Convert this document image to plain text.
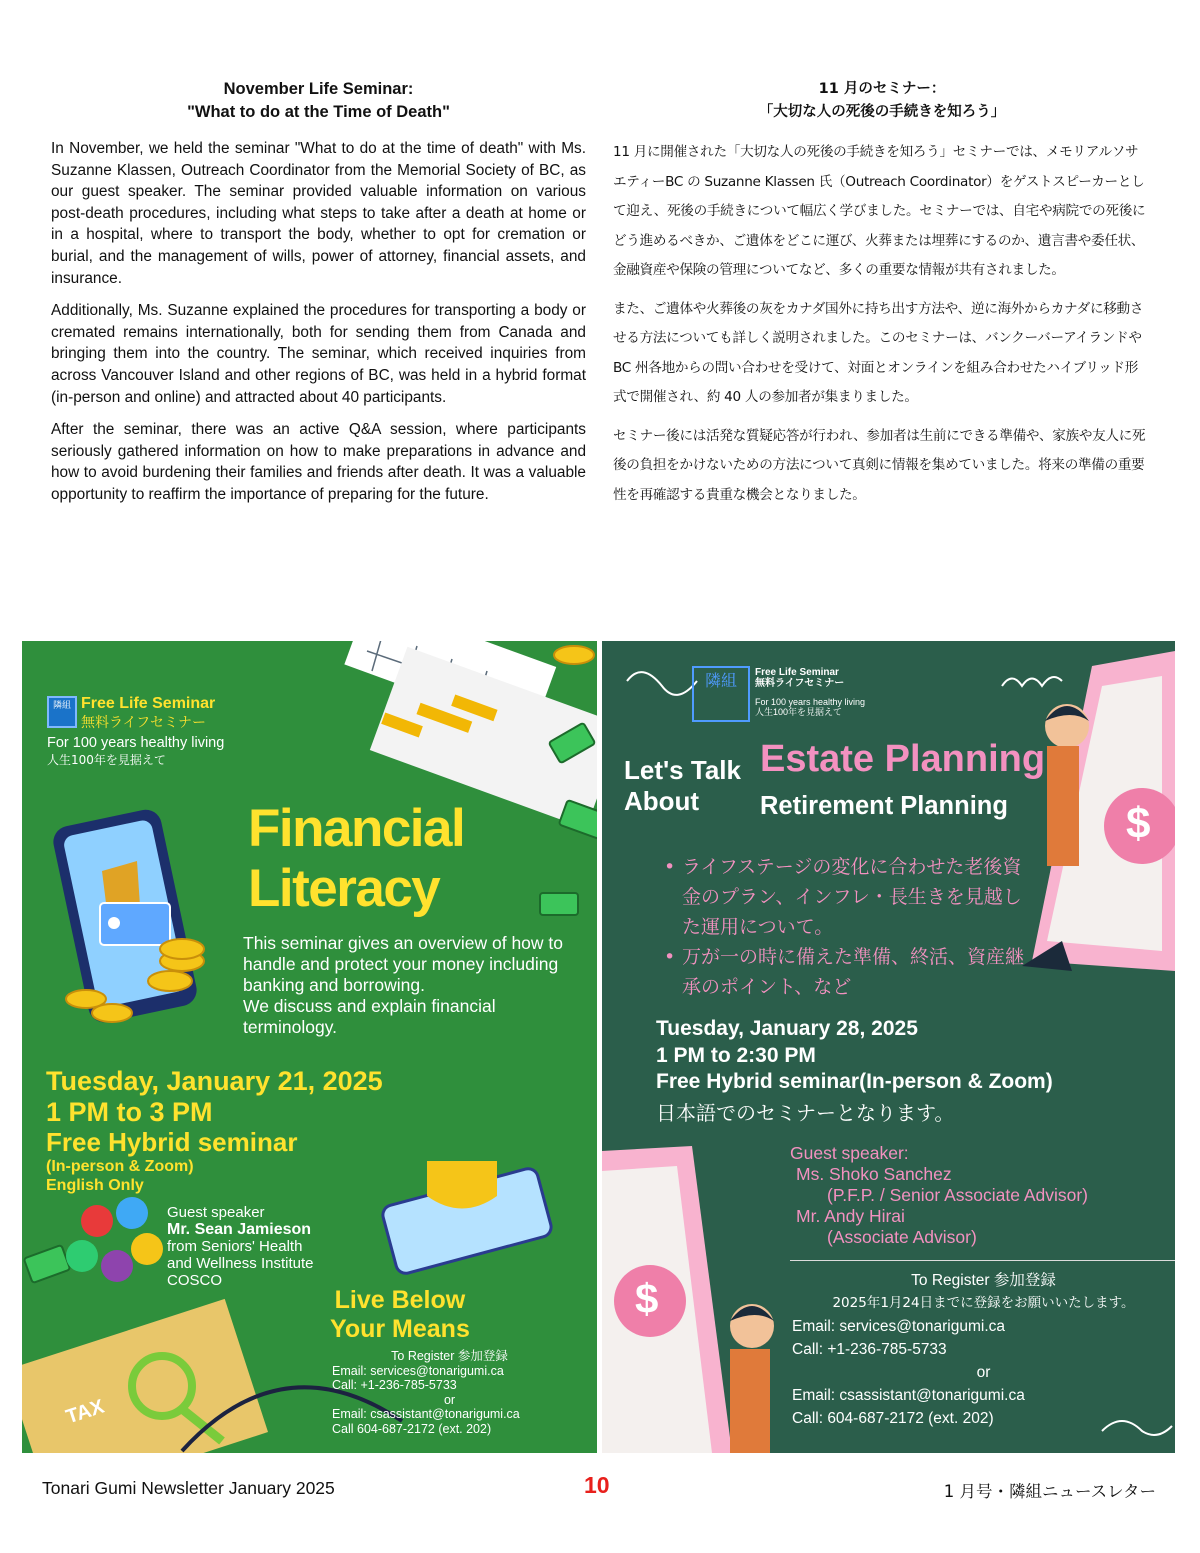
November Life Seminar:
"What to do at the Time of Death"

In November, we held the seminar "What to do at the time of death" with Ms. Suzanne Klassen, Outreach Coordinator from the Memorial Society of BC, as our guest speaker. The seminar provided valuable information on various post-death procedures, including what steps to take after a death at home or in a hospital, where to transport the body, whether to opt for cremation or burial, and the management of wills, power of attorney, financial assets, and insurance.

Additionally, Ms. Suzanne explained the procedures for transporting a body or cremated remains internationally, both for sending them from Canada and bringing them into the country. The seminar, which received inquiries from across Vancouver Island and other regions of BC, was held in a hybrid format (in-person and online) and attracted about 40 participants.

After the seminar, there was an active Q&A session, where participants seriously gathered information on how to make preparations in advance and how to avoid burdening their families and friends after death. It was a valuable opportunity to reaffirm the importance of preparing for the future.

11 月のセミナー：
「大切な人の死後の手続きを知ろう」

11 月に開催された「大切な人の死後の手続きを知ろう」セミナーでは、メモリアルソサエティーBC の Suzanne Klassen 氏（Outreach Coordinator）をゲストスピーカーとして迎え、死後の手続きについて幅広く学びました。セミナーでは、自宅や病院での死後にどう進めるべきか、ご遺体をどこに運び、火葬または埋葬にするのか、遺言書や委任状、金融資産や保険の管理についてなど、多くの重要な情報が共有されました。

また、ご遺体や火葬後の灰をカナダ国外に持ち出す方法や、逆に海外からカナダに移動させる方法についても詳しく説明されました。このセミナーは、バンクーバーアイランドや BC 州各地からの問い合わせを受けて、対面とオンラインを組み合わせたハイブリッド形式で開催され、約 40 人の参加者が集まりました。

セミナー後には活発な質疑応答が行われ、参加者は生前にできる準備や、家族や友人に死後の負担をかけないための方法について真剣に情報を集めていました。将来の準備の重要性を再確認する貴重な機会となりました。

TAX
隣組 Free Life Seminar
無料ライフセミナー
For 100 years healthy living
人生100年を見据えて
Financial
Literacy
This seminar gives an overview of how to handle and protect your money including banking and borrowing.
We discuss and explain financial terminology.
Tuesday, January 21, 2025
1 PM to 3 PM
Free Hybrid seminar
(In-person & Zoom)
English Only
Guest speaker
Mr. Sean Jamieson
from Seniors' Health
and Wellness Institute
COSCO
Live Below
Your Means
To Register 参加登録
Email: services@tonarigumi.ca
Call: +1-236-785-5733
or
Email: csassistant@tonarigumi.ca
Call 604-687-2172 (ext. 202)
$
$
隣組	Free Life Seminar
無料ライフセミナー
For 100 years healthy living
人生100年を見据えて
Let's Talk
About
Estate Planning
Retirement Planning
• ライフステージの変化に合わせた老後資金のプラン、インフレ・長生きを見越した運用について。
• 万が一の時に備えた準備、終活、資産継承のポイント、など
Tuesday, January 28, 2025
1 PM to 2:30 PM
Free Hybrid seminar(In-person & Zoom)
日本語でのセミナーとなります。
Guest speaker:
Ms. Shoko Sanchez
(P.F.P. / Senior Associate Advisor)
Mr. Andy Hirai
(Associate Advisor)
To Register 参加登録
2025年1月24日までに登録をお願いいたします。
Email: services@tonarigumi.ca
Call: +1-236-785-5733
or
Email: csassistant@tonarigumi.ca
Call: 604-687-2172 (ext. 202)
Tonari Gumi Newsletter January 2025	10	1 月号・隣組ニュースレター
